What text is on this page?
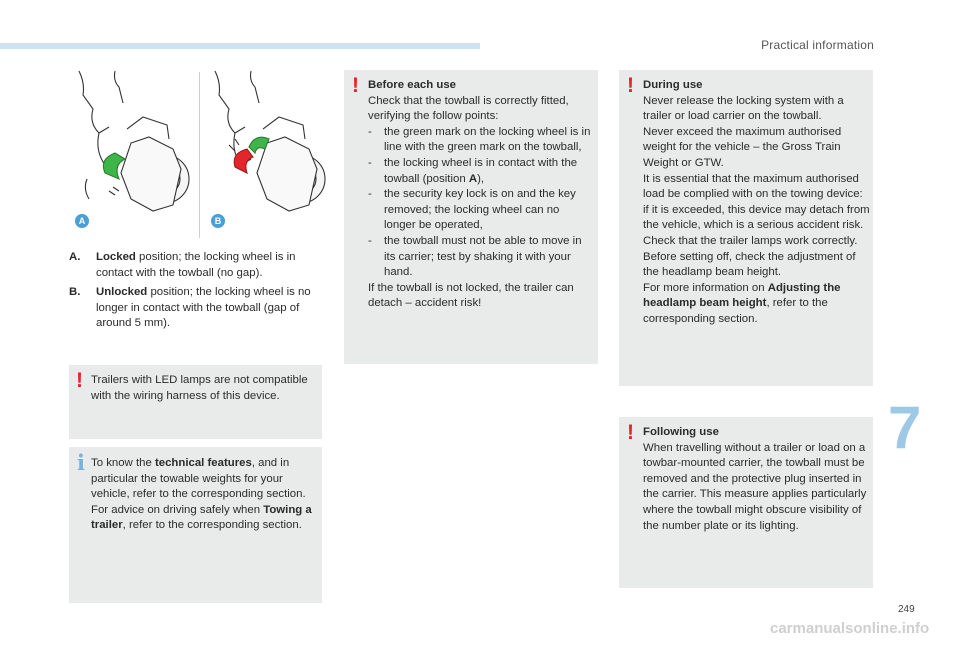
Practical information
7
249
carmanualsonline.info
A	B
A. Locked position; the locking wheel is in contact with the towball (no gap).
B. Unlocked position; the locking wheel is no longer in contact with the towball (gap of around 5 mm).
! Trailers with LED lamps are not compatible with the wiring harness of this device.

i To know the technical features, and in particular the towable weights for your vehicle, refer to the corresponding section.

For advice on driving safely when Towing a trailer, refer to the corresponding section.

! Before each use

Check that the towball is correctly fitted, verifying the follow points:

- the green mark on the locking wheel is in line with the green mark on the towball,
- the locking wheel is in contact with the towball (position A),
- the security key lock is on and the key removed; the locking wheel can no longer be operated,
- the towball must not be able to move in its carrier; test by shaking it with your hand.

If the towball is not locked, the trailer can detach – accident risk!

! During use

Never release the locking system with a trailer or load carrier on the towball.

Never exceed the maximum authorised weight for the vehicle – the Gross Train Weight or GTW.

It is essential that the maximum authorised load be complied with on the towing device: if it is exceeded, this device may detach from the vehicle, which is a serious accident risk.

Check that the trailer lamps work correctly.

Before setting off, check the adjustment of the headlamp beam height.

For more information on Adjusting the headlamp beam height, refer to the corresponding section.

! Following use

When travelling without a trailer or load on a towbar-mounted carrier, the towball must be removed and the protective plug inserted in the carrier. This measure applies particularly where the towball might obscure visibility of the number plate or its lighting.
